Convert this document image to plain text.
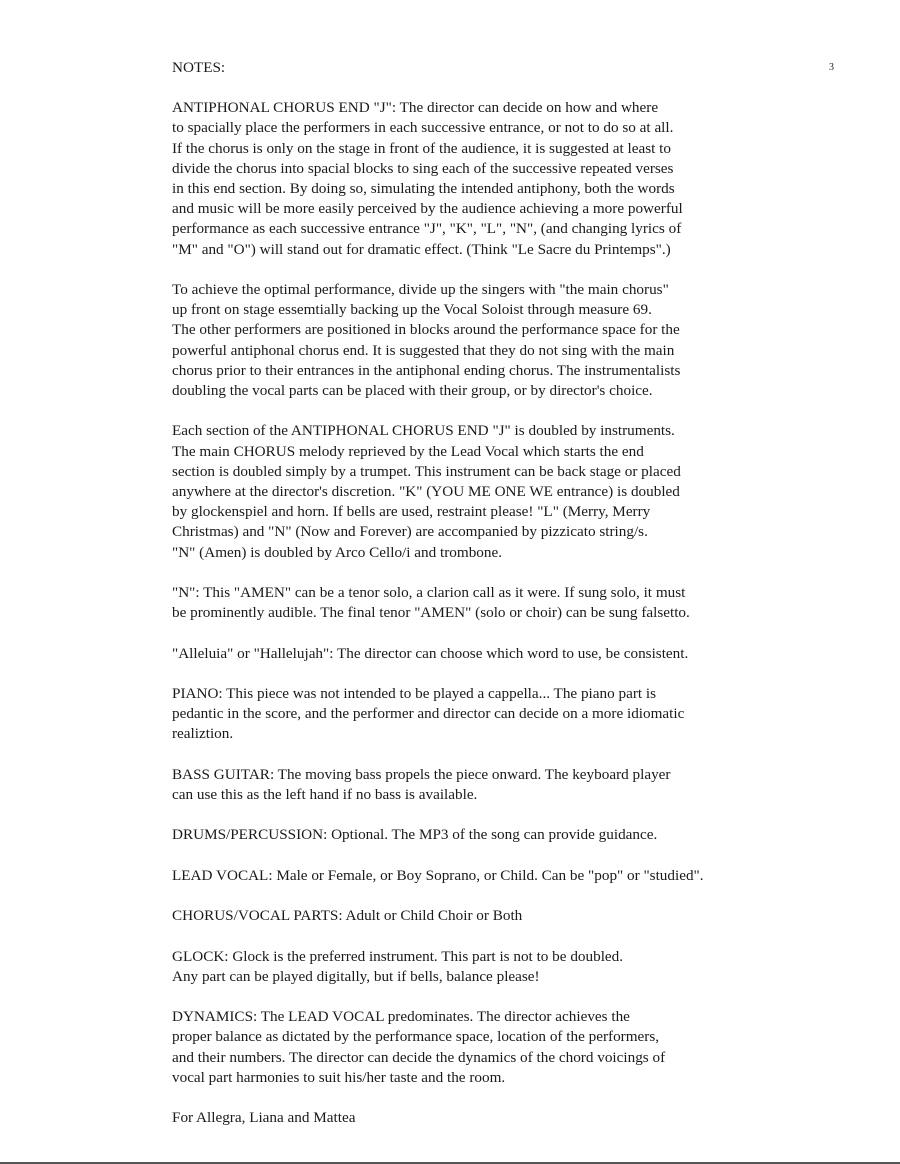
3
NOTES:
ANTIPHONAL CHORUS END "J": The director can decide on how and where
to spacially place the performers in each successive entrance, or not to do so at all.
If the chorus is only on the stage in front of the audience, it is suggested at least to
divide the chorus into spacial blocks to sing each of the successive repeated verses
in this end section. By doing so, simulating the intended antiphony, both the words
and music will be more easily perceived by the audience achieving a more powerful
performance as each successive entrance "J", "K", "L", "N", (and changing lyrics of
"M" and "O") will stand out for dramatic effect. (Think "Le Sacre du Printemps".)
To achieve the optimal performance, divide up the singers with "the main chorus"
up front on stage essemtially backing up the Vocal Soloist through measure 69.
The other performers are positioned in blocks around the performance space for the
powerful antiphonal chorus end. It is suggested that they do not sing with the main
chorus prior to their entrances in the antiphonal ending chorus. The instrumentalists
doubling the vocal parts can be placed with their group, or by director's choice.
Each section of the ANTIPHONAL CHORUS END "J" is doubled by instruments.
The main CHORUS melody reprieved by the Lead Vocal which starts the end
section is doubled simply by a trumpet. This instrument can be back stage or placed
anywhere at the director's discretion. "K" (YOU ME ONE WE entrance) is doubled
by glockenspiel and horn. If bells are used, restraint please! "L" (Merry, Merry
Christmas) and "N" (Now and Forever) are accompanied by pizzicato string/s.
"N" (Amen) is doubled by Arco Cello/i and trombone.
"N": This "AMEN" can be a tenor solo, a clarion call as it were. If sung solo, it must
be prominently audible. The final tenor "AMEN" (solo or choir) can be sung falsetto.
"Alleluia" or "Hallelujah": The director can choose which word to use, be consistent.
PIANO: This piece was not intended to be played a cappella... The piano part is
pedantic in the score, and the performer and director can decide on a more idiomatic
realiztion.
BASS GUITAR: The moving bass propels the piece onward. The keyboard player
can use this as the left hand if no bass is available.
DRUMS/PERCUSSION: Optional. The MP3 of the song can provide guidance.
LEAD VOCAL: Male or Female, or Boy Soprano, or Child. Can be "pop" or "studied".
CHORUS/VOCAL PARTS: Adult or Child Choir or Both
GLOCK: Glock is the preferred instrument. This part is not to be doubled.
Any part can be played digitally, but if bells, balance please!
DYNAMICS: The LEAD VOCAL predominates. The director achieves the
proper balance as dictated by the performance space, location of the performers,
and their numbers. The director can decide the dynamics of the chord voicings of
vocal part harmonies to suit his/her taste and the room.
For Allegra, Liana and Mattea
